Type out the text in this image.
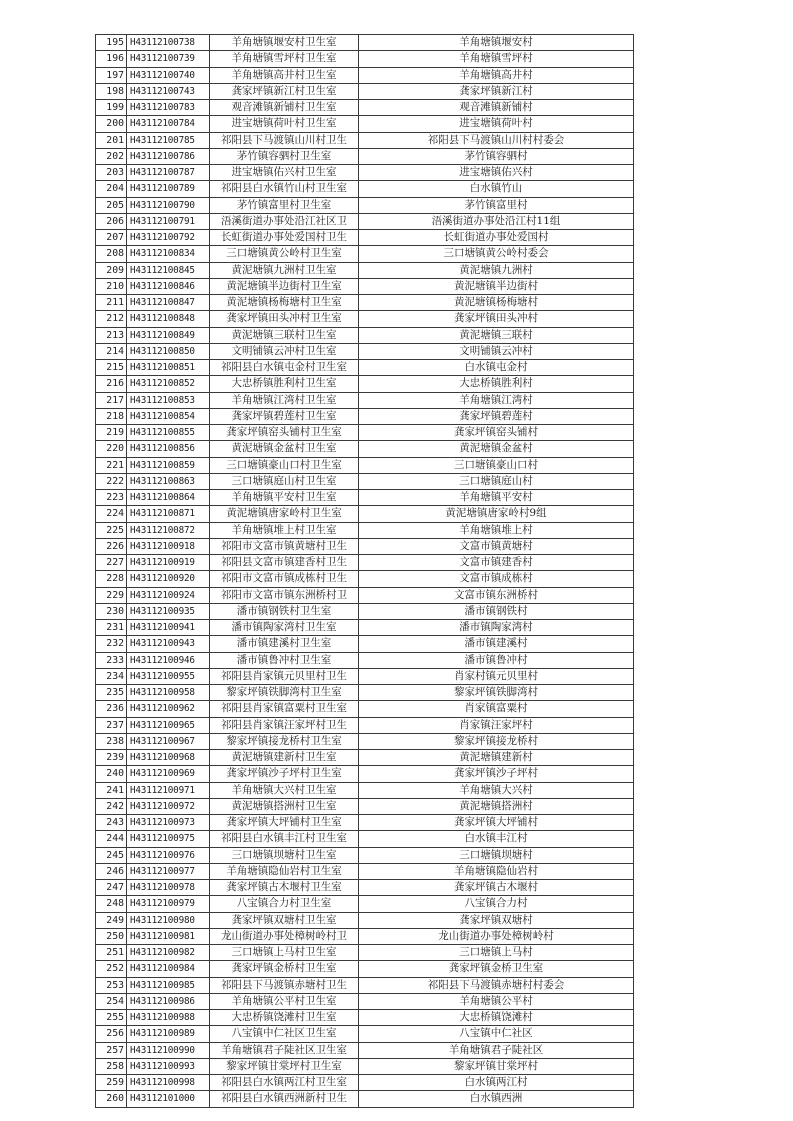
195	H43112100738	羊角塘镇堰安村卫生室	羊角塘镇堰安村
196	H43112100739	羊角塘镇雪坪村卫生室	羊角塘镇雪坪村
197	H43112100740	羊角塘镇高井村卫生室	羊角塘镇高井村
198	H43112100743	龚家坪镇新江村卫生室	龚家坪镇新江村
199	H43112100783	观音滩镇新铺村卫生室	观音滩镇新铺村
200	H43112100784	进宝塘镇荷叶村卫生室	进宝塘镇荷叶村
201	H43112100785	祁阳县下马渡镇山川村卫生	祁阳县下马渡镇山川村村委会
202	H43112100786	茅竹镇容驷村卫生室	茅竹镇容驷村
203	H43112100787	进宝塘镇佑兴村卫生室	进宝塘镇佑兴村
204	H43112100789	祁阳县白水镇竹山村卫生室	白水镇竹山
205	H43112100790	茅竹镇富里村卫生室	茅竹镇富里村
206	H43112100791	浯溪街道办事处沿江社区卫	浯溪街道办事处沿江村11组
207	H43112100792	长虹街道办事处爱国村卫生	长虹街道办事处爱国村
208	H43112100834	三口塘镇黄公岭村卫生室	三口塘镇黄公岭村委会
209	H43112100845	黄泥塘镇九洲村卫生室	黄泥塘镇九洲村
210	H43112100846	黄泥塘镇半边街村卫生室	黄泥塘镇半边街村
211	H43112100847	黄泥塘镇杨梅塘村卫生室	黄泥塘镇杨梅塘村
212	H43112100848	龚家坪镇田头冲村卫生室	龚家坪镇田头冲村
213	H43112100849	黄泥塘镇三联村卫生室	黄泥塘镇三联村
214	H43112100850	文明铺镇云冲村卫生室	文明铺镇云冲村
215	H43112100851	祁阳县白水镇屯金村卫生室	白水镇屯金村
216	H43112100852	大忠桥镇胜利村卫生室	大忠桥镇胜利村
217	H43112100853	羊角塘镇江湾村卫生室	羊角塘镇江湾村
218	H43112100854	龚家坪镇碧莲村卫生室	龚家坪镇碧莲村
219	H43112100855	龚家坪镇窑头铺村卫生室	龚家坪镇窑头铺村
220	H43112100856	黄泥塘镇金盆村卫生室	黄泥塘镇金盆村
221	H43112100859	三口塘镇豪山口村卫生室	三口塘镇豪山口村
222	H43112100863	三口塘镇庭山村卫生室	三口塘镇庭山村
223	H43112100864	羊角塘镇平安村卫生室	羊角塘镇平安村
224	H43112100871	黄泥塘镇唐家岭村卫生室	黄泥塘镇唐家岭村9组
225	H43112100872	羊角塘镇堆上村卫生室	羊角塘镇堆上村
226	H43112100918	祁阳市文富市镇黄塘村卫生	文富市镇黄塘村
227	H43112100919	祁阳县文富市镇建香村卫生	文富市镇建香村
228	H43112100920	祁阳市文富市镇成栋村卫生	文富市镇成栋村
229	H43112100924	祁阳市文富市镇东洲桥村卫	文富市镇东洲桥村
230	H43112100935	潘市镇钢铁村卫生室	潘市镇钢铁村
231	H43112100941	潘市镇陶家湾村卫生室	潘市镇陶家湾村
232	H43112100943	潘市镇建溪村卫生室	潘市镇建溪村
233	H43112100946	潘市镇鲁冲村卫生室	潘市镇鲁冲村
234	H43112100955	祁阳县肖家镇元贝里村卫生	肖家村镇元贝里村
235	H43112100958	黎家坪镇铁脚湾村卫生室	黎家坪镇铁脚湾村
236	H43112100962	祁阳县肖家镇富粟村卫生室	肖家镇富粟村
237	H43112100965	祁阳县肖家镇汪家坪村卫生	肖家镇汪家坪村
238	H43112100967	黎家坪镇接龙桥村卫生室	黎家坪镇接龙桥村
239	H43112100968	黄泥塘镇建新村卫生室	黄泥塘镇建新村
240	H43112100969	龚家坪镇沙子坪村卫生室	龚家坪镇沙子坪村
241	H43112100971	羊角塘镇大兴村卫生室	羊角塘镇大兴村
242	H43112100972	黄泥塘镇搭洲村卫生室	黄泥塘镇搭洲村
243	H43112100973	龚家坪镇大坪铺村卫生室	龚家坪镇大坪铺村
244	H43112100975	祁阳县白水镇丰江村卫生室	白水镇丰江村
245	H43112100976	三口塘镇坝塘村卫生室	三口塘镇坝塘村
246	H43112100977	羊角塘镇隐仙岩村卫生室	羊角塘镇隐仙岩村
247	H43112100978	龚家坪镇古木堰村卫生室	龚家坪镇古木堰村
248	H43112100979	八宝镇合力村卫生室	八宝镇合力村
249	H43112100980	龚家坪镇双塘村卫生室	龚家坪镇双塘村
250	H43112100981	龙山街道办事处樟树岭村卫	龙山街道办事处樟树岭村
251	H43112100982	三口塘镇上马村卫生室	三口塘镇上马村
252	H43112100984	龚家坪镇金桥村卫生室	龚家坪镇金桥卫生室
253	H43112100985	祁阳县下马渡镇赤塘村卫生	祁阳县下马渡镇赤塘村村委会
254	H43112100986	羊角塘镇公平村卫生室	羊角塘镇公平村
255	H43112100988	大忠桥镇饶滩村卫生室	大忠桥镇饶滩村
256	H43112100989	八宝镇中仁社区卫生室	八宝镇中仁社区
257	H43112100990	羊角塘镇君子陡社区卫生室	羊角塘镇君子陡社区
258	H43112100993	黎家坪镇甘棠坪村卫生室	黎家坪镇甘棠坪村
259	H43112100998	祁阳县白水镇两江村卫生室	白水镇两江村
260	H43112101000	祁阳县白水镇西洲新村卫生	白水镇西洲
